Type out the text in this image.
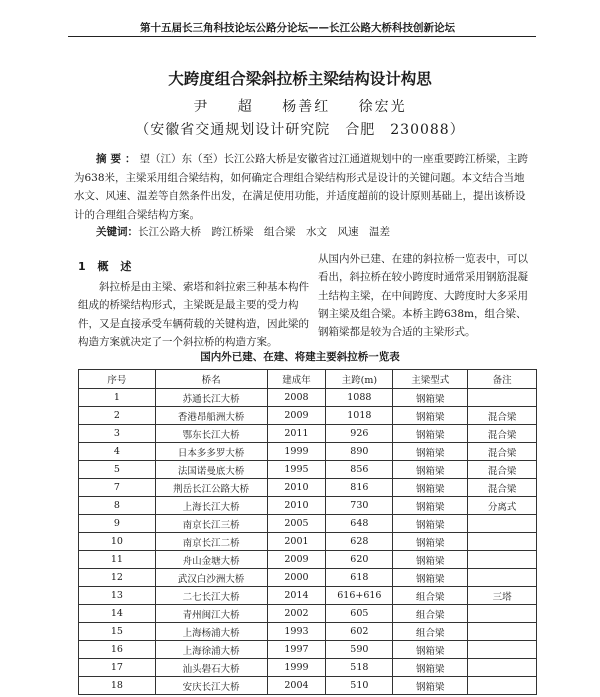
第十五届长三角科技论坛公路分论坛——长江公路大桥科技创新论坛
大跨度组合梁斜拉桥主梁结构设计构思
尹 超 杨善红 徐宏光
（安徽省交通规划设计研究院　合肥　230088）
摘要：望（江）东（至）长江公路大桥是安徽省过江通道规划中的一座重要跨江桥梁，主跨为638米，主梁采用组合梁结构，如何确定合理组合梁结构形式是设计的关键问题。本文结合当地水文、风速、温差等自然条件出发，在满足使用功能，并适度超前的设计原则基础上，提出该桥设计的合理组合梁结构方案。
关键词：长江公路大桥　跨江桥梁　组合梁　水文　风速　温差
1 概 述
斜拉桥是由主梁、索塔和斜拉索三种基本构件组成的桥梁结构形式，主梁既是最主要的受力构件，又是直接承受车辆荷载的关键构造，因此梁的构造方案就决定了一个斜拉桥的构造方案。
从国内外已建、在建的斜拉桥一览表中，可以看出，斜拉桥在较小跨度时通常采用钢筋混凝土结构主梁，在中间跨度、大跨度时大多采用钢主梁及组合梁。本桥主跨638m，组合梁、钢箱梁都是较为合适的主梁形式。
国内外已建、在建、将建主要斜拉桥一览表
序号	桥名	建成年	主跨(m)	主梁型式	备注
1	苏通长江大桥	2008	1088	钢箱梁	
2	香港昂船洲大桥	2009	1018	钢箱梁	混合梁
3	鄂东长江大桥	2011	926	钢箱梁	混合梁
4	日本多多罗大桥	1999	890	钢箱梁	混合梁
5	法国诺曼底大桥	1995	856	钢箱梁	混合梁
7	荆岳长江公路大桥	2010	816	钢箱梁	混合梁
8	上海长江大桥	2010	730	钢箱梁	分离式
9	南京长江三桥	2005	648	钢箱梁	
10	南京长江二桥	2001	628	钢箱梁	
11	舟山金塘大桥	2009	620	钢箱梁	
12	武汉白沙洲大桥	2000	618	钢箱梁	
13	二七长江大桥	2014	616+616	组合梁	三塔
14	青州闽江大桥	2002	605	组合梁	
15	上海杨浦大桥	1993	602	组合梁	
16	上海徐浦大桥	1997	590	钢箱梁	
17	汕头礐石大桥	1999	518	钢箱梁	
18	安庆长江大桥	2004	510	钢箱梁	
